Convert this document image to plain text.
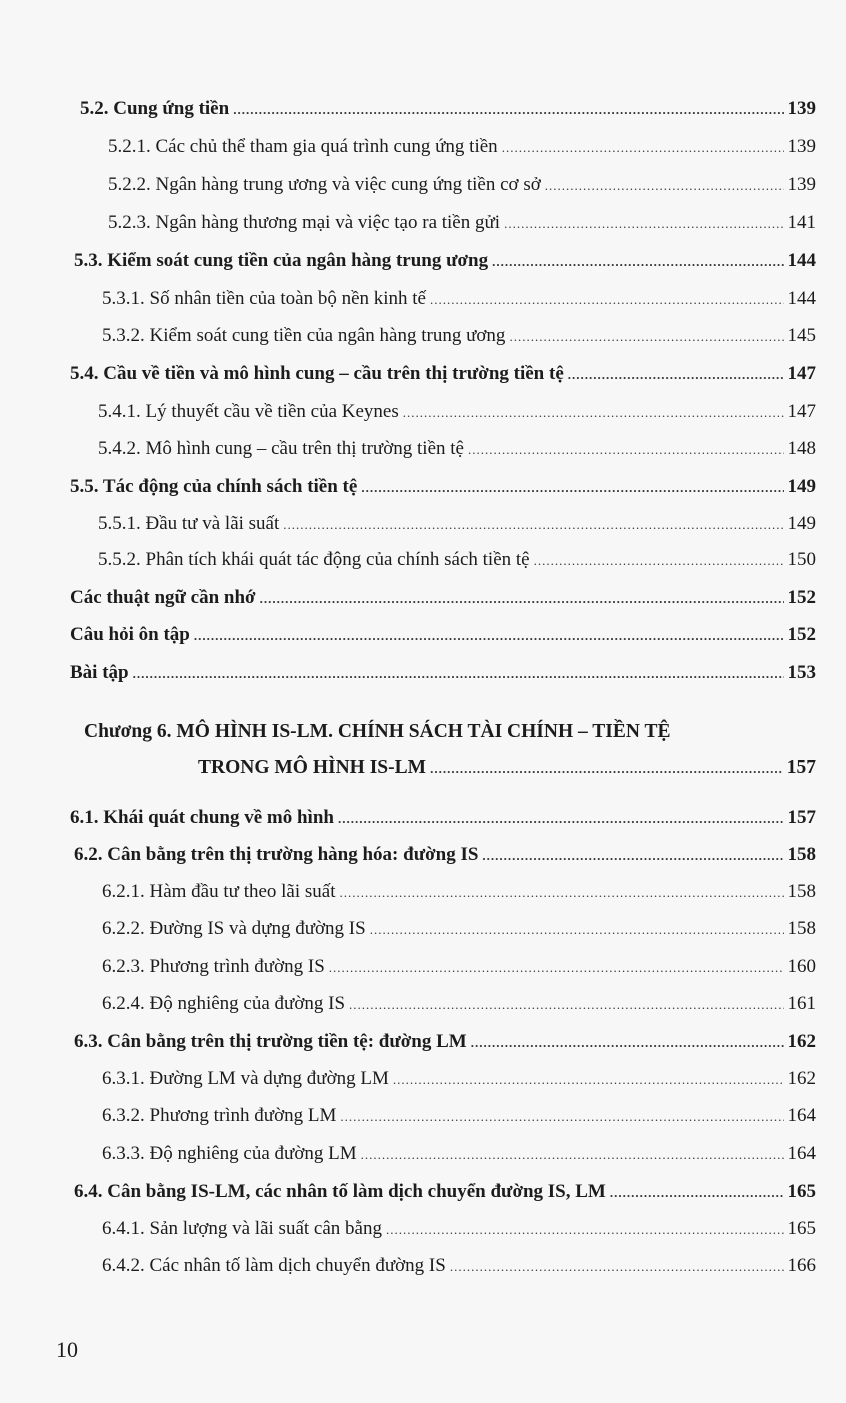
5.2. Cung ứng tiền .....	139
5.2.1. Các chủ thể tham gia quá trình cung ứng tiền .....	139
5.2.2. Ngân hàng trung ương và việc cung ứng tiền cơ sở .....	139
5.2.3. Ngân hàng thương mại và việc tạo ra tiền gửi .....	141
5.3. Kiểm soát cung tiền của ngân hàng trung ương .....	144
5.3.1. Số nhân tiền của toàn bộ nền kinh tế .....	144
5.3.2. Kiểm soát cung tiền của ngân hàng trung ương .....	145
5.4. Cầu về tiền và mô hình cung – cầu trên thị trường tiền tệ .....	147
5.4.1. Lý thuyết cầu về tiền của Keynes .....	147
5.4.2. Mô hình cung – cầu trên thị trường tiền tệ .....	148
5.5. Tác động của chính sách tiền tệ .....	149
5.5.1. Đầu tư và lãi suất .....	149
5.5.2. Phân tích khái quát tác động của chính sách tiền tệ .....	150
Các thuật ngữ cần nhớ .....	152
Câu hỏi ôn tập .....	152
Bài tập .....	153
Chương 6. MÔ HÌNH IS-LM. CHÍNH SÁCH TÀI CHÍNH – TIỀN TỆ
TRONG MÔ HÌNH IS-LM .....	157
6.1. Khái quát chung về mô hình .....	157
6.2. Cân bằng trên thị trường hàng hóa: đường IS .....	158
6.2.1. Hàm đầu tư theo lãi suất .....	158
6.2.2. Đường IS và dựng đường IS .....	158
6.2.3. Phương trình đường IS .....	160
6.2.4. Độ nghiêng của đường IS .....	161
6.3. Cân bằng trên thị trường tiền tệ: đường LM .....	162
6.3.1. Đường LM và dựng đường LM .....	162
6.3.2. Phương trình đường LM .....	164
6.3.3. Độ nghiêng của đường LM .....	164
6.4. Cân bằng IS-LM, các nhân tố làm dịch chuyển đường IS, LM .....	165
6.4.1. Sản lượng và lãi suất cân bằng .....	165
6.4.2. Các nhân tố làm dịch chuyển đường IS .....	166
10
